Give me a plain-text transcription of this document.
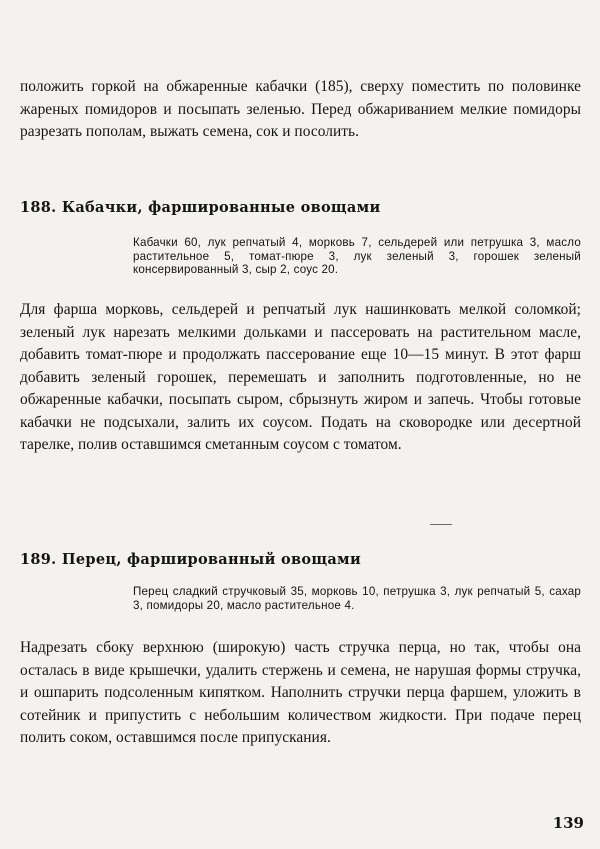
положить горкой на обжаренные кабачки (185), сверху поместить по половинке жареных помидоров и посыпать зеленью. Перед обжариванием мелкие помидоры разрезать пополам, выжать семена, сок и посолить.

188. Кабачки, фаршированные овощами

Кабачки 60, лук репчатый 4, морковь 7, сельдерей или петрушка 3, масло растительное 5, томат-пюре 3, лук зеленый 3, горошек зеленый консервированный 3, сыр 2, соус 20.

Для фарша морковь, сельдерей и репчатый лук нашинковать мелкой соломкой; зеленый лук нарезать мелкими дольками и пассеровать на растительном масле, добавить томат-пюре и продолжать пассерование еще 10—15 минут. В этот фарш добавить зеленый горошек, перемешать и заполнить подготовленные, но не обжаренные кабачки, посыпать сыром, сбрызнуть жиром и запечь. Чтобы готовые кабачки не подсыхали, залить их соусом. Подать на сковородке или десертной тарелке, полив оставшимся сметанным соусом с томатом.

189. Перец, фаршированный овощами

Перец сладкий стручковый 35, морковь 10, петрушка 3, лук репчатый 5, сахар 3, помидоры 20, масло растительное 4.

Надрезать сбоку верхнюю (широкую) часть стручка перца, но так, чтобы она осталась в виде крышечки, удалить стержень и семена, не нарушая формы стручка, и ошпарить подсоленным кипятком. Наполнить стручки перца фаршем, уложить в сотейник и припустить с небольшим количеством жидкости. При подаче перец полить соком, оставшимся после припускания.

139
